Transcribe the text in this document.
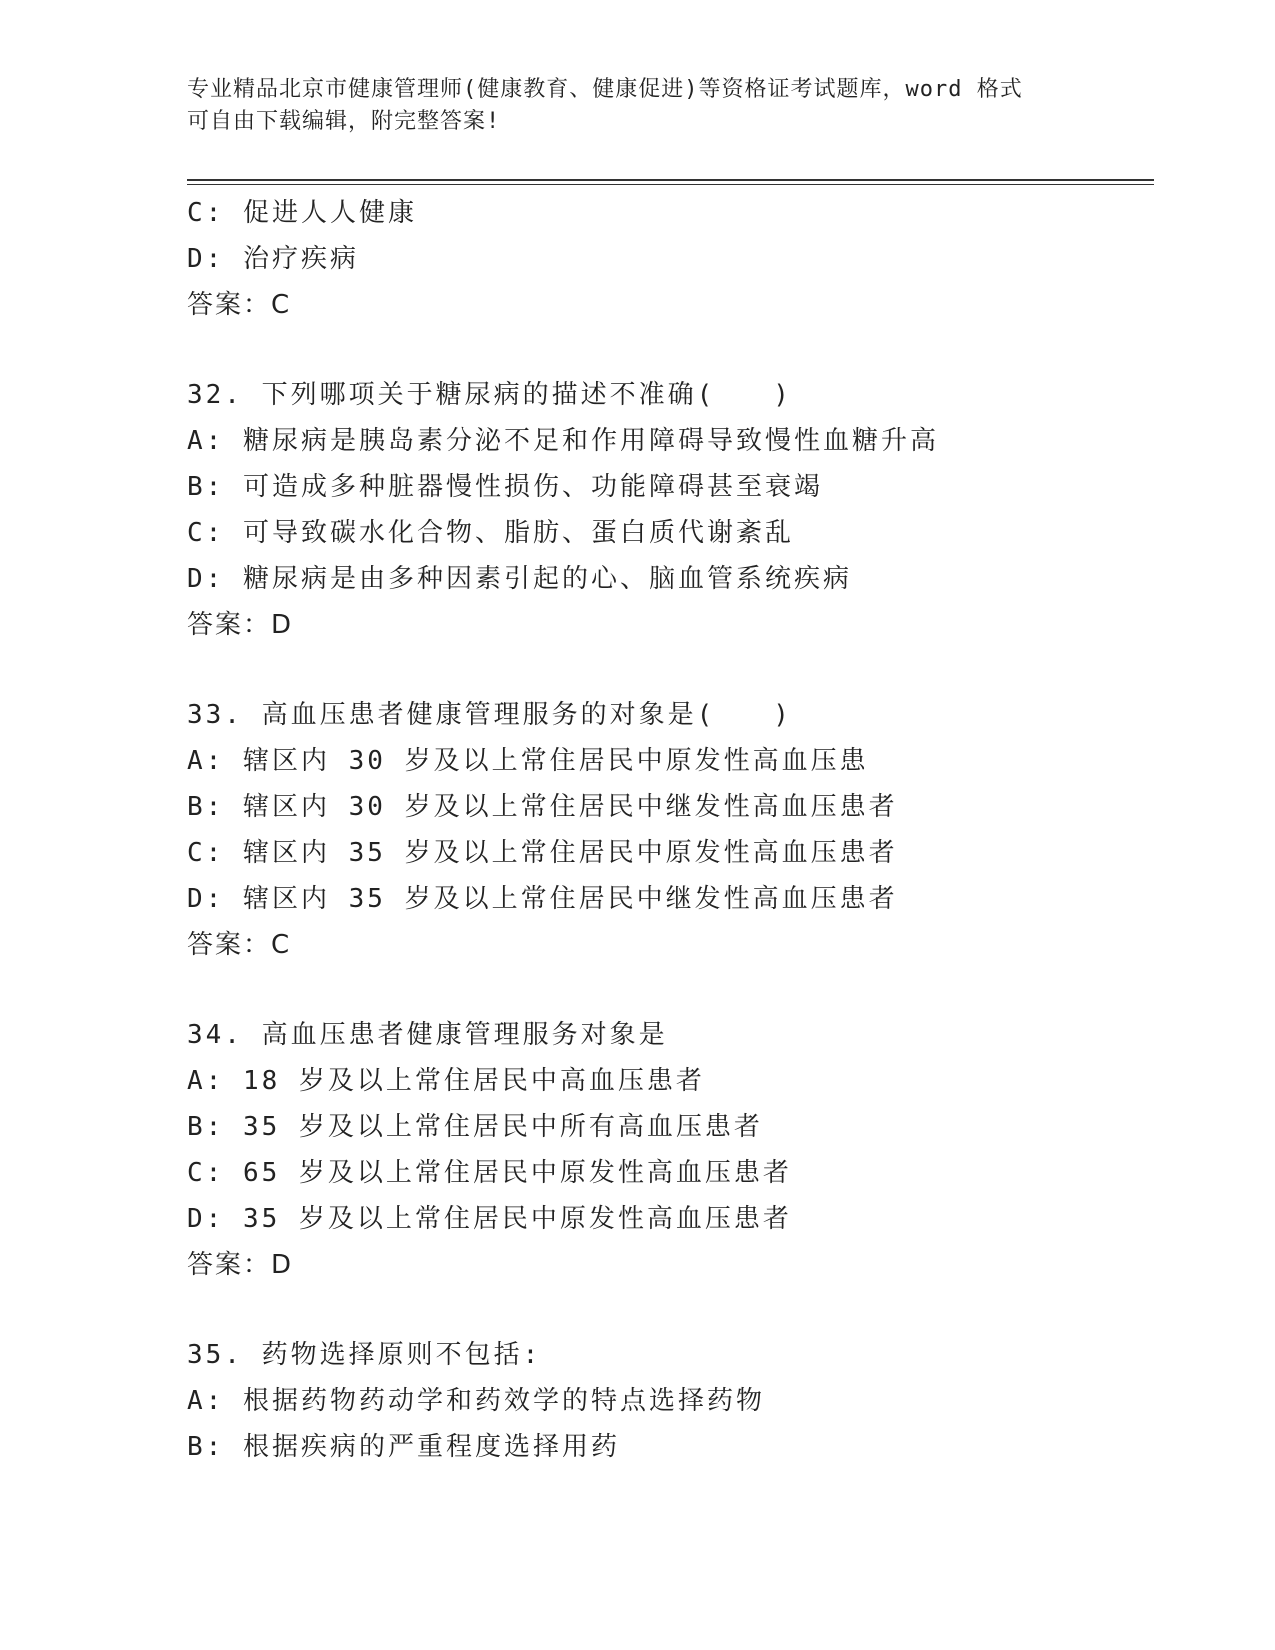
专业精品北京市健康管理师(健康教育、健康促进)等资格证考试题库，word 格式
可自由下载编辑，附完整答案!
C: 促进人人健康
D: 治疗疾病
答案：C
32. 下列哪项关于糖尿病的描述不准确(　　)
A: 糖尿病是胰岛素分泌不足和作用障碍导致慢性血糖升高
B: 可造成多种脏器慢性损伤、功能障碍甚至衰竭
C: 可导致碳水化合物、脂肪、蛋白质代谢紊乱
D: 糖尿病是由多种因素引起的心、脑血管系统疾病
答案：D
33. 高血压患者健康管理服务的对象是(　　)
A: 辖区内 30 岁及以上常住居民中原发性高血压患
B: 辖区内 30 岁及以上常住居民中继发性高血压患者
C: 辖区内 35 岁及以上常住居民中原发性高血压患者
D: 辖区内 35 岁及以上常住居民中继发性高血压患者
答案：C
34. 高血压患者健康管理服务对象是
A: 18 岁及以上常住居民中高血压患者
B: 35 岁及以上常住居民中所有高血压患者
C: 65 岁及以上常住居民中原发性高血压患者
D: 35 岁及以上常住居民中原发性高血压患者
答案：D
35. 药物选择原则不包括:
A: 根据药物药动学和药效学的特点选择药物
B: 根据疾病的严重程度选择用药
